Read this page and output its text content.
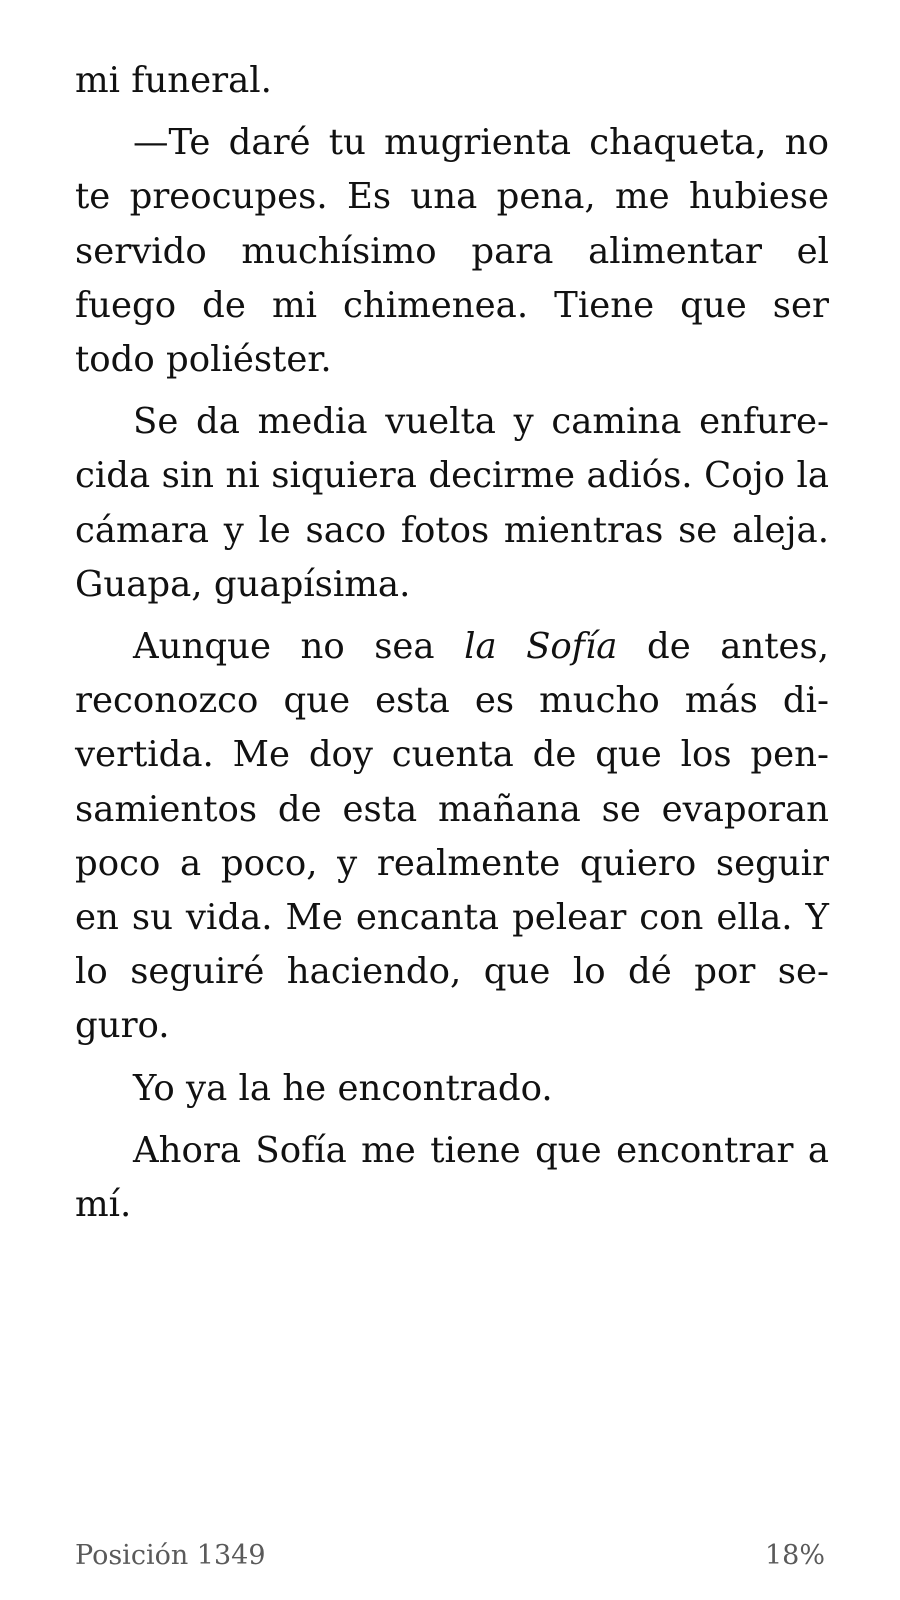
mi funeral.

—Te daré tu mugrienta chaqueta, no te preocupes. Es una pena, me hubiese servido muchísimo para alimentar el fuego de mi chimenea. Tiene que ser todo poliéster.

Se da media vuelta y camina enfurecida sin ni siquiera decirme adiós. Cojo la cámara y le saco fotos mientras se aleja. Guapa, guapísima.

Aunque no sea la Sofía de antes, reconozco que esta es mucho más divertida. Me doy cuenta de que los pensamientos de esta mañana se evaporan poco a poco, y realmente quiero seguir en su vida. Me encanta pelear con ella. Y lo seguiré haciendo, que lo dé por seguro.

Yo ya la he encontrado.

Ahora Sofía me tiene que encontrar a mí.

Posición 1349	18%
